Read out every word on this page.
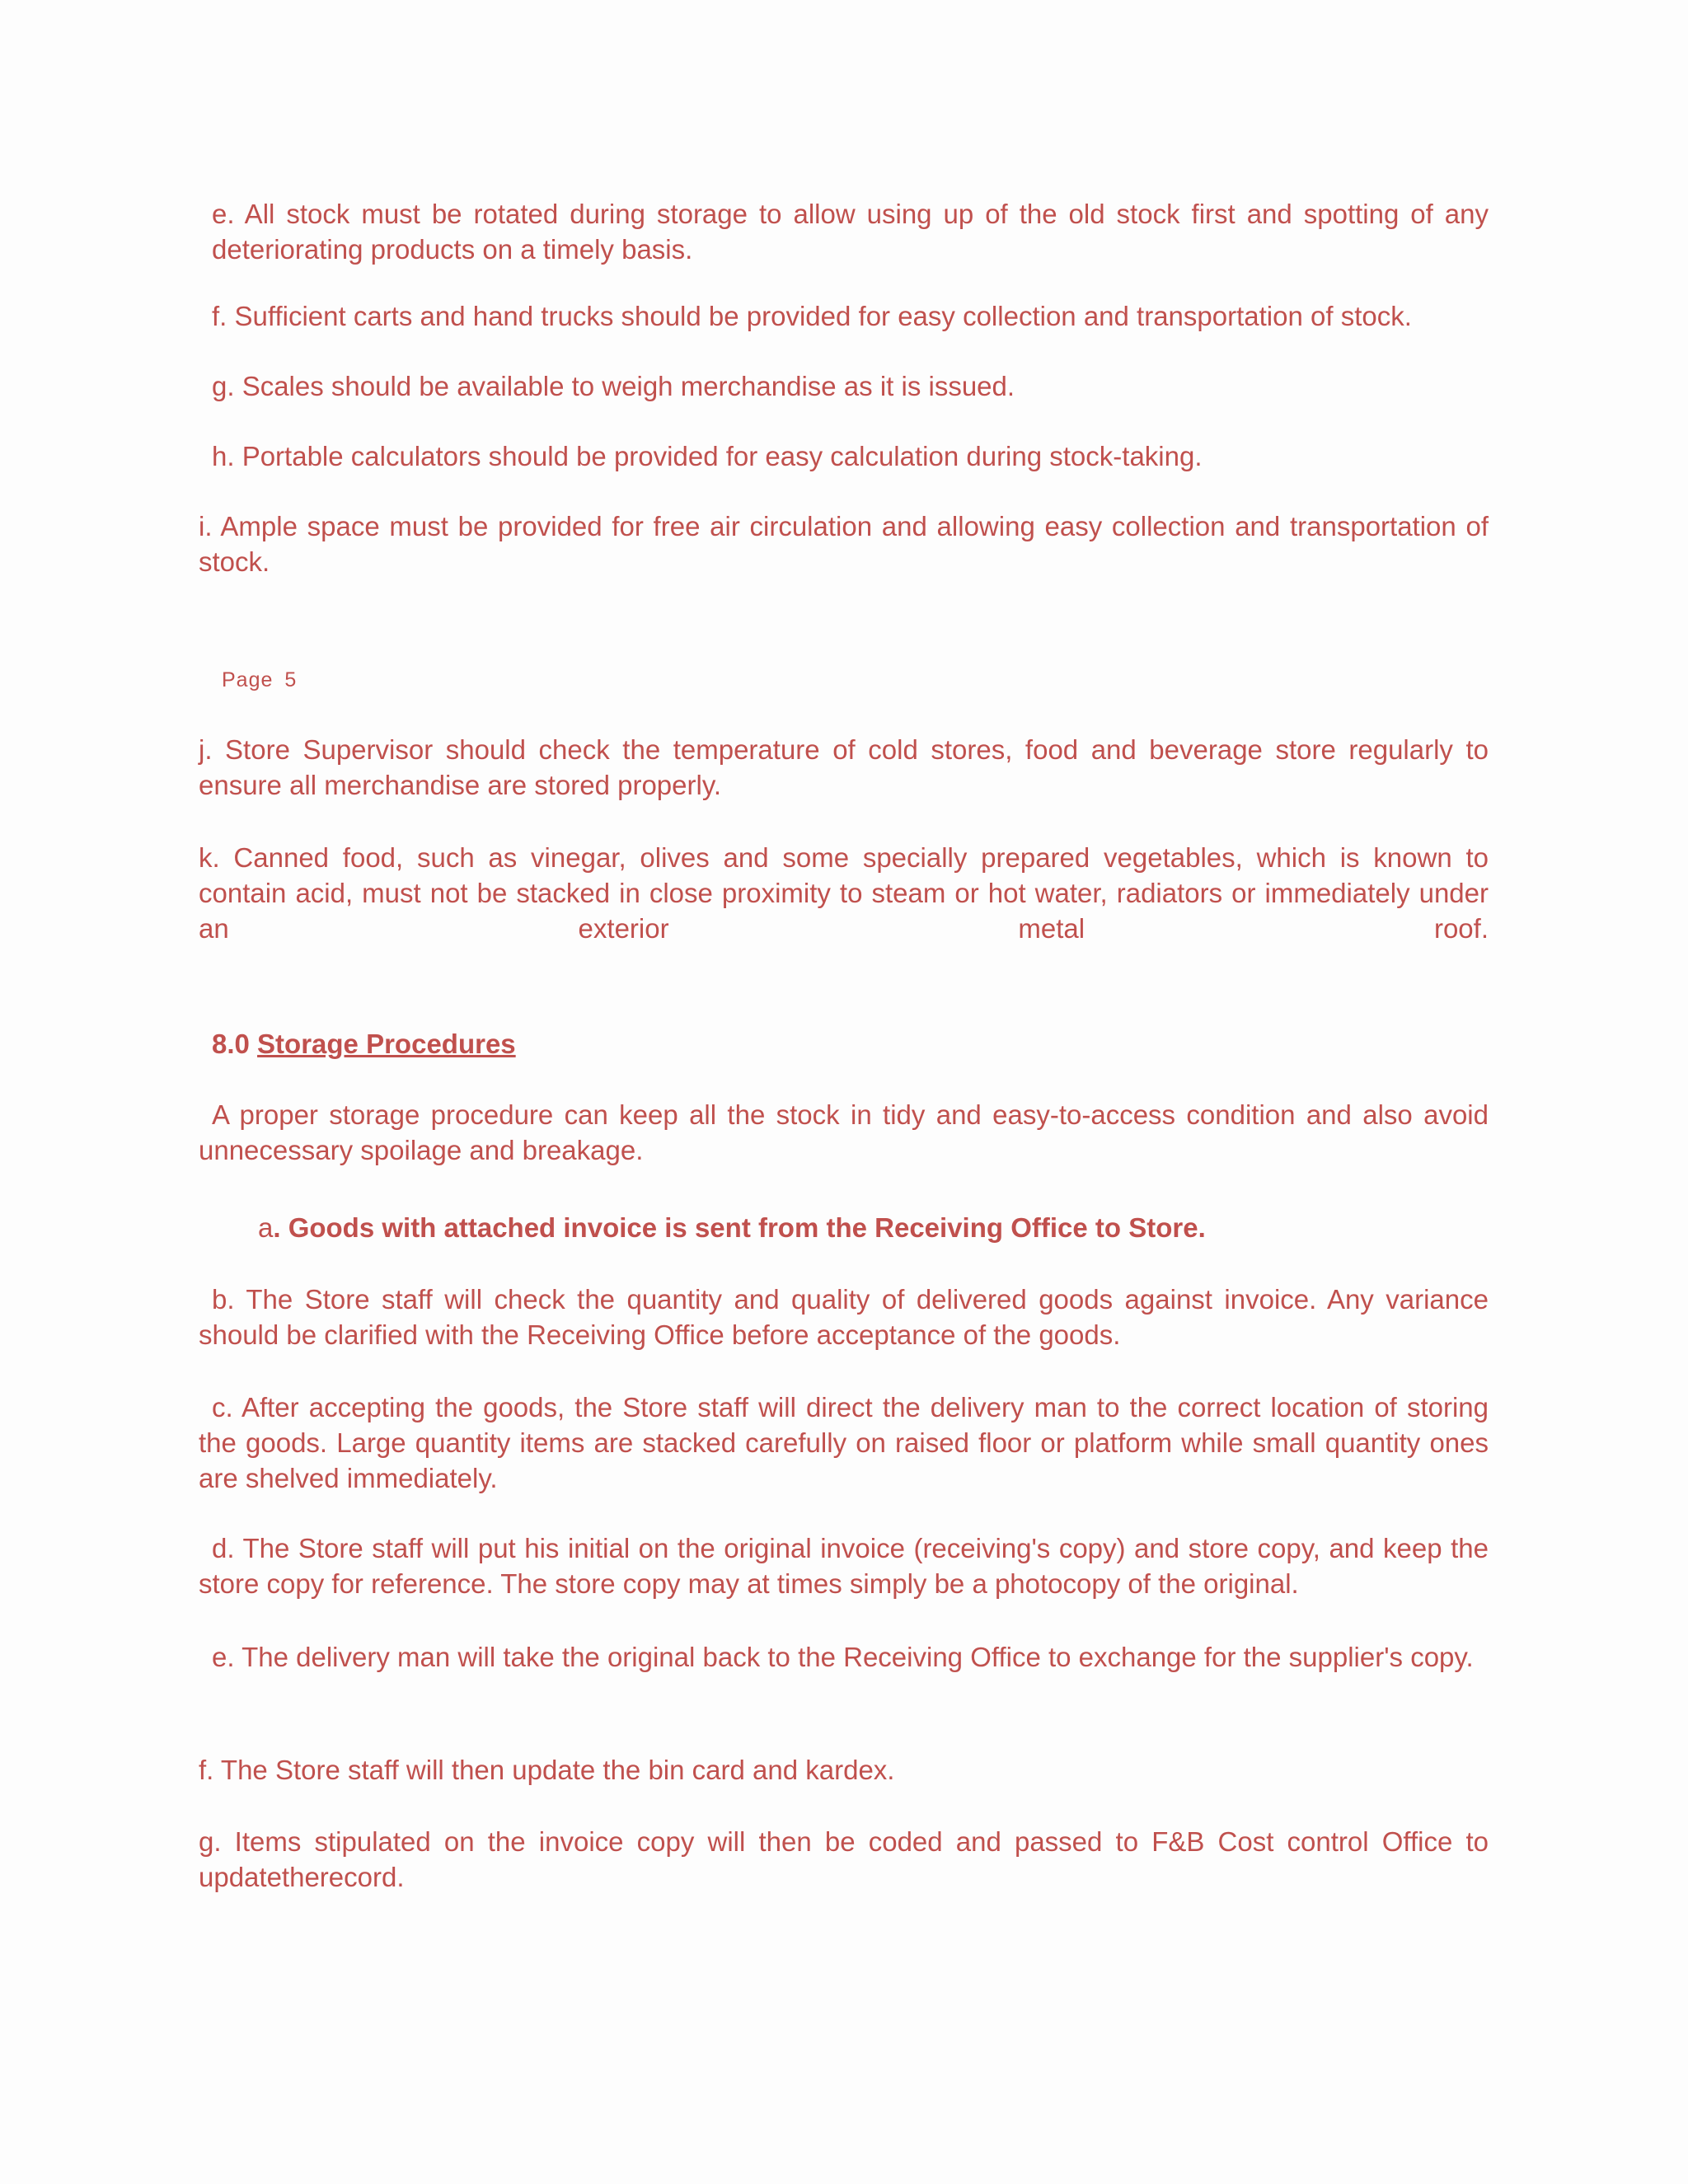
e. All stock must be rotated during storage to allow using up of the old stock first and spotting of any deteriorating products on a timely basis.

f. Sufficient carts and hand trucks should be provided for easy collection and transportation of stock.

g. Scales should be available to weigh merchandise as it is issued.

h. Portable calculators should be provided for easy calculation during stock-taking.

i. Ample space must be provided for free air circulation and allowing easy collection and transportation of stock.

Page 5

j. Store Supervisor should check the temperature of cold stores, food and beverage store regularly to ensure all merchandise are stored properly.

k. Canned food, such as vinegar, olives and some specially prepared vegetables, which is known to contain acid, must not be stacked in close proximity to steam or hot water, radiators or immediately under an exterior metal roof.

8.0 Storage Procedures

A proper storage procedure can keep all the stock in tidy and easy-to-access condition and also avoid unnecessary spoilage and breakage.

a. Goods with attached invoice is sent from the Receiving Office to Store.

b. The Store staff will check the quantity and quality of delivered goods against invoice. Any variance should be clarified with the Receiving Office before acceptance of the goods.

c. After accepting the goods, the Store staff will direct the delivery man to the correct location of storing the goods. Large quantity items are stacked carefully on raised floor or platform while small quantity ones are shelved immediately.

d. The Store staff will put his initial on the original invoice (receiving's copy) and store copy, and keep the store copy for reference. The store copy may at times simply be a photocopy of the original.

e. The delivery man will take the original back to the Receiving Office to exchange for the supplier's copy.

f. The Store staff will then update the bin card and kardex.

g. Items stipulated on the invoice copy will then be coded and passed to F&B Cost control Office to updatetherecord.
